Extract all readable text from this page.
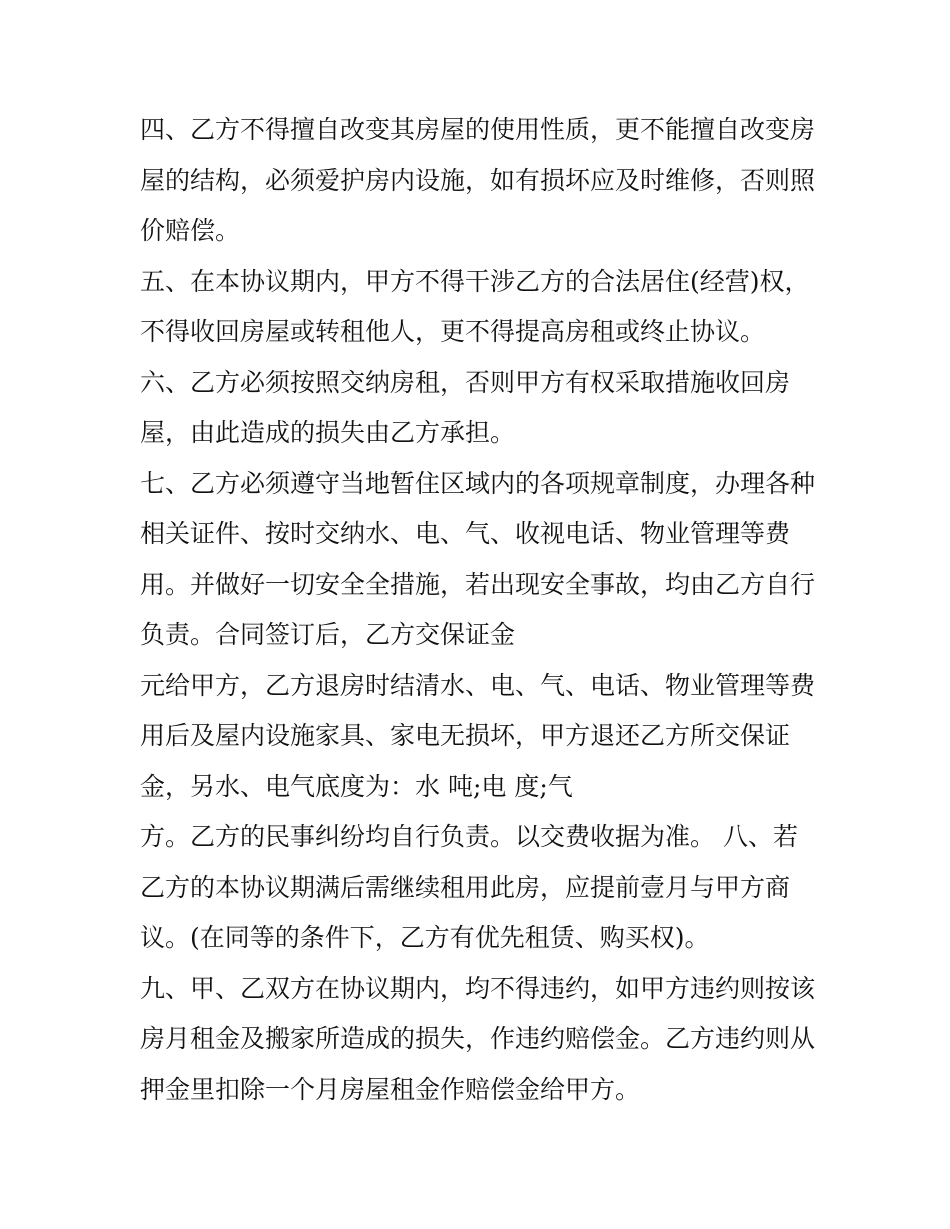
四、乙方不得擅自改变其房屋的使用性质，更不能擅自改变房
屋的结构，必须爱护房内设施，如有损坏应及时维修，否则照
价赔偿。
五、在本协议期内，甲方不得干涉乙方的合法居住(经营)权，
不得收回房屋或转租他人，更不得提高房租或终止协议。
六、乙方必须按照交纳房租，否则甲方有权采取措施收回房
屋，由此造成的损失由乙方承担。
七、乙方必须遵守当地暂住区域内的各项规章制度，办理各种
相关证件、按时交纳水、电、气、收视电话、物业管理等费
用。并做好一切安全全措施，若出现安全事故，均由乙方自行
负责。合同签订后，乙方交保证金
元给甲方，乙方退房时结清水、电、气、电话、物业管理等费
用后及屋内设施家具、家电无损坏，甲方退还乙方所交保证
金，另水、电气底度为：水 吨;电 度;气
方。乙方的民事纠纷均自行负责。以交费收据为准。 八、若
乙方的本协议期满后需继续租用此房，应提前壹月与甲方商
议。(在同等的条件下，乙方有优先租赁、购买权)。
九、甲、乙双方在协议期内，均不得违约，如甲方违约则按该
房月租金及搬家所造成的损失，作违约赔偿金。乙方违约则从
押金里扣除一个月房屋租金作赔偿金给甲方。
